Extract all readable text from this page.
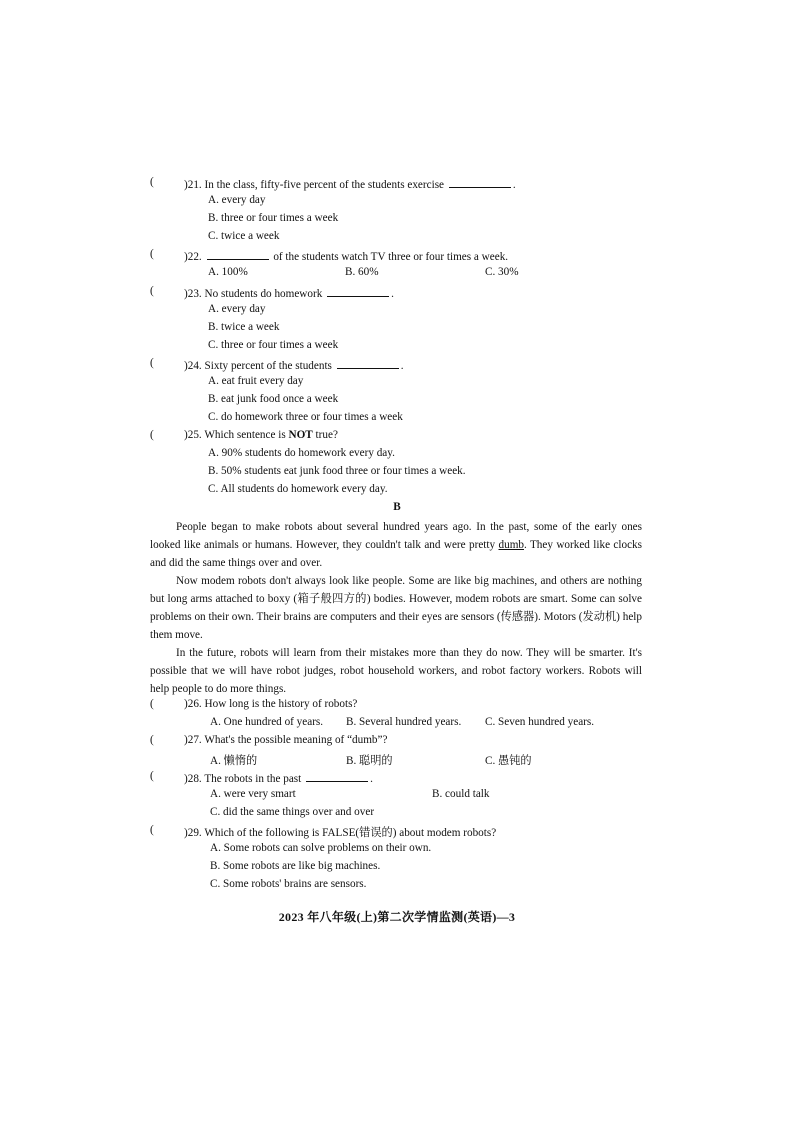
(	)21. In the class, fifty-five percent of the students exercise	.
A. every day
B. three or four times a week
C. twice a week
(	)22.	of the students watch TV three or four times a week.
A. 100%	B. 60%	C. 30%
(	)23. No students do homework	.
A. every day
B. twice a week
C. three or four times a week
(	)24. Sixty percent of the students	.
A. eat fruit every day
B. eat junk food once a week
C. do homework three or four times a week
(	)25. Which sentence is NOT true?
A. 90% students do homework every day.
B. 50% students eat junk food three or four times a week.
C. All students do homework every day.
B
People began to make robots about several hundred years ago. In the past, some of the early ones looked like animals or humans. However, they couldn't talk and were pretty dumb. They worked like clocks and did the same things over and over.
Now modem robots don't always look like people. Some are like big machines, and others are nothing but long arms attached to boxy (箱子般四方的) bodies. However, modem robots are smart. Some can solve problems on their own. Their brains are computers and their eyes are sensors (传感器). Motors (发动机) help them move.
In the future, robots will learn from their mistakes more than they do now. They will be smarter. It's possible that we will have robot judges, robot household workers, and robot factory workers. Robots will help people to do more things.
(	)26. How long is the history of robots?
A. One hundred of years. B. Several hundred years. C. Seven hundred years.
(	)27. What's the possible meaning of “dumb”?
A. 懒惰的	B. 聪明的	C. 愚钝的
(	)28. The robots in the past	.
A. were very smart	B. could talk
C. did the same things over and over
(	)29. Which of the following is FALSE(错误的) about modem robots?
A. Some robots can solve problems on their own.
B. Some robots are like big machines.
C. Some robots' brains are sensors.
2023 年八年级(上)第二次学情监测(英语)—3
